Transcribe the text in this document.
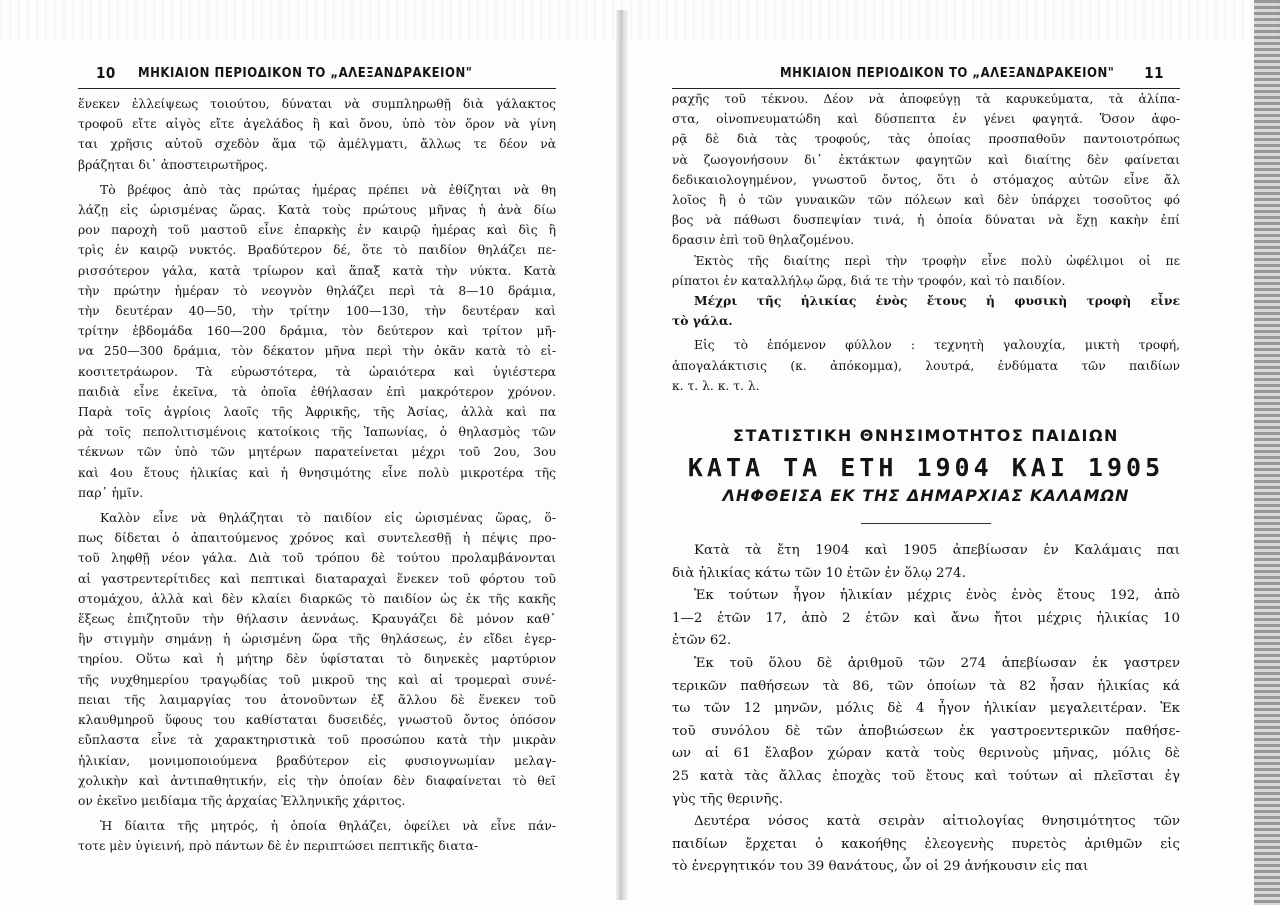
10 ΜΗΚΙΑΙΟΝ ΠΕΡΙΟΔΙΚΟΝ ΤΟ „ΑΛΕΞΑΝΔΡΑΚΕΙΟΝ"

ἕνεκεν ἐλλείψεως τοιούτου, δύναται νὰ συμπληρωθῇ διὰ γάλακτος
τροφοῦ εἴτε αἰγὸς εἴτε ἀγελάδος ἢ καὶ ὄνου, ὑπὸ τὸν ὅρον νὰ γίνη
ται χρῆσις αὐτοῦ σχεδὸν ἅμα τῷ ἀμέλγματι, ἄλλως τε δέον νὰ
βράζηται δι᾽ ἀποστειρωτῆρος.

Τὸ βρέφος ἀπὸ τὰς πρώτας ἡμέρας πρέπει νὰ ἐθίζηται νὰ θη
λάζῃ εἰς ὡρισμένας ὥρας. Κατὰ τοὺς πρώτους μῆνας ἡ ἀνὰ δίω
ρον παροχὴ τοῦ μαστοῦ εἶνε ἐπαρκὴς ἐν καιρῷ ἡμέρας καὶ δὶς ἢ
τρὶς ἐν καιρῷ νυκτός. Βραδύτερον δέ, ὅτε τὸ παιδίον θηλάζει πε-
ρισσότερον γάλα, κατὰ τρίωρον καὶ ἅπαξ κατὰ τὴν νύκτα. Κατὰ
τὴν πρώτην ἡμέραν τὸ νεογνὸν θηλάζει περὶ τὰ 8—10 δράμια,
τὴν δευτέραν 40—50, τὴν τρίτην 100—130, τὴν δευτέραν καὶ
τρίτην ἑβδομάδα 160—200 δράμια, τὸν δεύτερον καὶ τρίτον μῆ-
να 250—300 δράμια, τὸν δέκατον μῆνα περὶ τὴν ὀκᾶν κατὰ τὸ εἰ-
κοσιτετράωρον. Τὰ εὐρωστότερα, τὰ ὡραιότερα καὶ ὑγιέστερα
παιδιὰ εἶνε ἐκεῖνα, τὰ ὁποῖα ἐθήλασαν ἐπὶ μακρότερον χρόνον.
Παρὰ τοῖς ἀγρίοις λαοῖς τῆς Ἀφρικῆς, τῆς Ἀσίας, ἀλλὰ καὶ πα
ρὰ τοῖς πεπολιτισμένοις κατοίκοις τῆς Ἰαπωνίας, ὁ θηλασμὸς τῶν
τέκνων τῶν ὑπὸ τῶν μητέρων παρατείνεται μέχρι τοῦ 2ου, 3ου
καὶ 4ου ἔτους ἡλικίας καὶ ἡ θνησιμότης εἶνε πολὺ μικροτέρα τῆς
παρ᾽ ἡμῖν.

Καλὸν εἶνε νὰ θηλάζηται τὸ παιδίον εἰς ὡρισμένας ὥρας, ὅ-
πως δίδεται ὁ ἀπαιτούμενος χρόνος καὶ συντελεσθῇ ἡ πέψις προ-
τοῦ ληφθῇ νέον γάλα. Διὰ τοῦ τρόπου δὲ τούτου προλαμβάνονται
αἱ γαστρεντερίτιδες καὶ πεπτικαὶ διαταραχαὶ ἕνεκεν τοῦ φόρτου τοῦ
στομάχου, ἀλλὰ καὶ δὲν κλαίει διαρκῶς τὸ παιδίον ὡς ἐκ τῆς κακῆς
ἕξεως ἐπιζητοῦν τὴν θήλασιν ἀεννάως. Κραυγάζει δὲ μόνον καθ᾽
ἣν στιγμὴν σημάνῃ ἡ ὡρισμένη ὥρα τῆς θηλάσεως, ἐν εἴδει ἐγερ-
τηρίου. Οὕτω καὶ ἡ μήτηρ δὲν ὑφίσταται τὸ διηνεκὲς μαρτύριον
τῆς νυχθημερίου τραγῳδίας τοῦ μικροῦ της καὶ αἱ τρομεραὶ συνέ-
πειαι τῆς λαιμαργίας του ἀτονοῦντων ἐξ ἄλλου δὲ ἕνεκεν τοῦ
κλαυθμηροῦ ὕφους του καθίσταται δυσειδές, γνωστοῦ ὄντος ὁπόσον
εὔπλαστα εἶνε τὰ χαρακτηριστικὰ τοῦ προσώπου κατὰ τὴν μικρὰν
ἡλικίαν, μονιμοποιούμενα βραδύτερον εἰς φυσιογνωμίαν μελαγ-
χολικὴν καὶ ἀντιπαθητικήν, εἰς τὴν ὁποίαν δὲν διαφαίνεται τὸ θεῖ
ον ἐκεῖνο μειδίαμα τῆς ἀρχαίας Ἑλληνικῆς χάριτος.

Ἡ δίαιτα τῆς μητρός, ἡ ὁποία θηλάζει, ὀφείλει νὰ εἶνε πάν-
τοτε μὲν ὑγιεινή, πρὸ πάντων δὲ ἐν περιπτώσει πεπτικῆς διατα-

ΜΗΚΙΑΙΟΝ ΠΕΡΙΟΔΙΚΟΝ ΤΟ „ΑΛΕΞΑΝΔΡΑΚΕΙΟΝ" 11

ραχῆς τοῦ τέκνου. Δέον νὰ ἀποφεύγῃ τὰ καρυκεύματα, τὰ ἀλίπα-
στα, οἰνοπνευματώδη καὶ δύσπεπτα ἐν γένει φαγητά. Ὅσον ἀφο-
ρᾷ δὲ διὰ τὰς τροφούς, τὰς ὁποίας προσπαθοῦν παντοιοτρόπως
νὰ ζωογονήσουν δι᾽ ἐκτάκτων φαγητῶν καὶ διαίτης δὲν φαίνεται
δεδικαιολογημένον, γνωστοῦ ὄντος, ὅτι ὁ στόμαχος αὐτῶν εἶνε ἄλ
λοῖος ἢ ὁ τῶν γυναικῶν τῶν πόλεων καὶ δὲν ὑπάρχει τοσοῦτος φό
βος νὰ πάθωσι δυσπεψίαν τινά, ἡ ὁποία δύναται νὰ ἔχῃ κακὴν ἐπί
δρασιν ἐπὶ τοῦ θηλαζομένου.

Ἐκτὸς τῆς διαίτης περὶ τὴν τροφὴν εἶνε πολὺ ὠφέλιμοι οἱ πε
ρίπατοι ἐν καταλλήλῳ ὥρᾳ, διά τε τὴν τροφόν, καὶ τὸ παιδίον.

Μέχρι τῆς ἡλικίας ἑνὸς ἔτους ἡ φυσικὴ τροφὴ εἶνε
τὸ γάλα.

Εἰς τὸ ἑπόμενον φύλλον : τεχνητὴ γαλουχία, μικτὴ τροφή,
ἀπογαλάκτισις (κ. ἀπόκομμα), λουτρά, ἐνδύματα τῶν παιδίων
κ. τ. λ. κ. τ. λ.

ΣΤΑΤΙΣΤΙΚΗ ΘΝΗΣΙΜΟΤΗΤΟΣ ΠΑΙΔΙΩΝ
ΚΑΤΑ ΤΑ ΕΤΗ 1904 ΚΑΙ 1905
ΛΗΦΘΕΙΣΑ ΕΚ ΤΗΣ ΔΗΜΑΡΧΙΑΣ ΚΑΛΑΜΩΝ

Κατὰ τὰ ἔτη 1904 καὶ 1905 ἀπεβίωσαν ἐν Καλάμαις παι
διὰ ἡλικίας κάτω τῶν 10 ἐτῶν ἐν ὅλῳ 274.

Ἐκ τούτων ἦγον ἡλικίαν μέχρις ἑνὸς ἑνὸς ἔτους 192, ἀπὸ
1—2 ἐτῶν 17, ἀπὸ 2 ἐτῶν καὶ ἄνω ἤτοι μέχρις ἡλικίας 10
ἐτῶν 62.

Ἐκ τοῦ ὅλου δὲ ἀριθμοῦ τῶν 274 ἀπεβίωσαν ἐκ γαστρεν
τερικῶν παθήσεων τὰ 86, τῶν ὁποίων τὰ 82 ἦσαν ἡλικίας κά
τω τῶν 12 μηνῶν, μόλις δὲ 4 ἦγον ἡλικίαν μεγαλειτέραν. Ἐκ
τοῦ συνόλου δὲ τῶν ἀποβιώσεων ἐκ γαστροεντερικῶν παθήσε-
ων αἱ 61 ἔλαβον χώραν κατὰ τοὺς θερινοὺς μῆνας, μόλις δὲ
25 κατὰ τὰς ἄλλας ἐποχὰς τοῦ ἔτους καὶ τούτων αἱ πλεῖσται ἐγ
γὺς τῆς θερινῆς.

Δευτέρα νόσος κατὰ σειρὰν αἰτιολογίας θνησιμότητος τῶν
παιδίων ἔρχεται ὁ κακοήθης ἐλεογενὴς πυρετὸς ἀριθμῶν εἰς
τὸ ἐνεργητικόν του 39 θανάτους, ὧν οἱ 29 ἀνήκουσιν εἰς παι
